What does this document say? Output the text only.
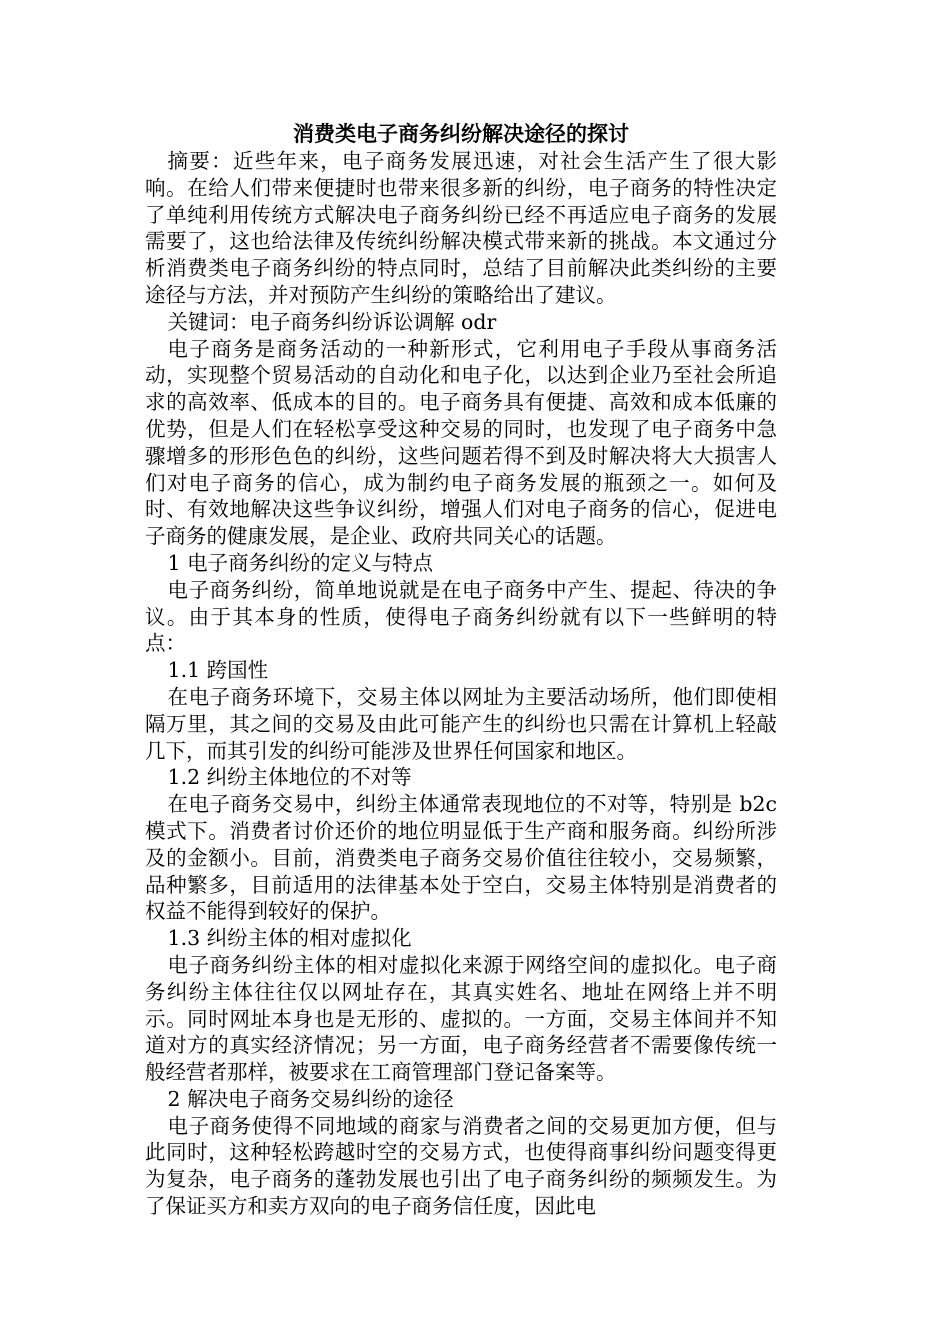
消费类电子商务纠纷解决途径的探讨

摘要：近些年来，电子商务发展迅速，对社会生活产生了很大影响。在给人们带来便捷时也带来很多新的纠纷，电子商务的特性决定了单纯利用传统方式解决电子商务纠纷已经不再适应电子商务的发展需要了，这也给法律及传统纠纷解决模式带来新的挑战。本文通过分析消费类电子商务纠纷的特点同时，总结了目前解决此类纠纷的主要途径与方法，并对预防产生纠纷的策略给出了建议。

关键词：电子商务纠纷诉讼调解 odr

电子商务是商务活动的一种新形式，它利用电子手段从事商务活动，实现整个贸易活动的自动化和电子化，以达到企业乃至社会所追求的高效率、低成本的目的。电子商务具有便捷、高效和成本低廉的优势，但是人们在轻松享受这种交易的同时，也发现了电子商务中急骤增多的形形色色的纠纷，这些问题若得不到及时解决将大大损害人们对电子商务的信心，成为制约电子商务发展的瓶颈之一。如何及时、有效地解决这些争议纠纷，增强人们对电子商务的信心，促进电子商务的健康发展，是企业、政府共同关心的话题。

1 电子商务纠纷的定义与特点

电子商务纠纷，简单地说就是在电子商务中产生、提起、待决的争议。由于其本身的性质，使得电子商务纠纷就有以下一些鲜明的特点：

1.1 跨国性

在电子商务环境下，交易主体以网址为主要活动场所，他们即使相隔万里，其之间的交易及由此可能产生的纠纷也只需在计算机上轻敲几下，而其引发的纠纷可能涉及世界任何国家和地区。

1.2 纠纷主体地位的不对等

在电子商务交易中，纠纷主体通常表现地位的不对等，特别是 b2c 模式下。消费者讨价还价的地位明显低于生产商和服务商。纠纷所涉及的金额小。目前，消费类电子商务交易价值往往较小，交易频繁，品种繁多，目前适用的法律基本处于空白，交易主体特别是消费者的权益不能得到较好的保护。

1.3 纠纷主体的相对虚拟化

电子商务纠纷主体的相对虚拟化来源于网络空间的虚拟化。电子商务纠纷主体往往仅以网址存在，其真实姓名、地址在网络上并不明示。同时网址本身也是无形的、虚拟的。一方面，交易主体间并不知道对方的真实经济情况；另一方面，电子商务经营者不需要像传统一般经营者那样，被要求在工商管理部门登记备案等。

2 解决电子商务交易纠纷的途径

电子商务使得不同地域的商家与消费者之间的交易更加方便，但与此同时，这种轻松跨越时空的交易方式，也使得商事纠纷问题变得更为复杂，电子商务的蓬勃发展也引出了电子商务纠纷的频频发生。为了保证买方和卖方双向的电子商务信任度，因此电
